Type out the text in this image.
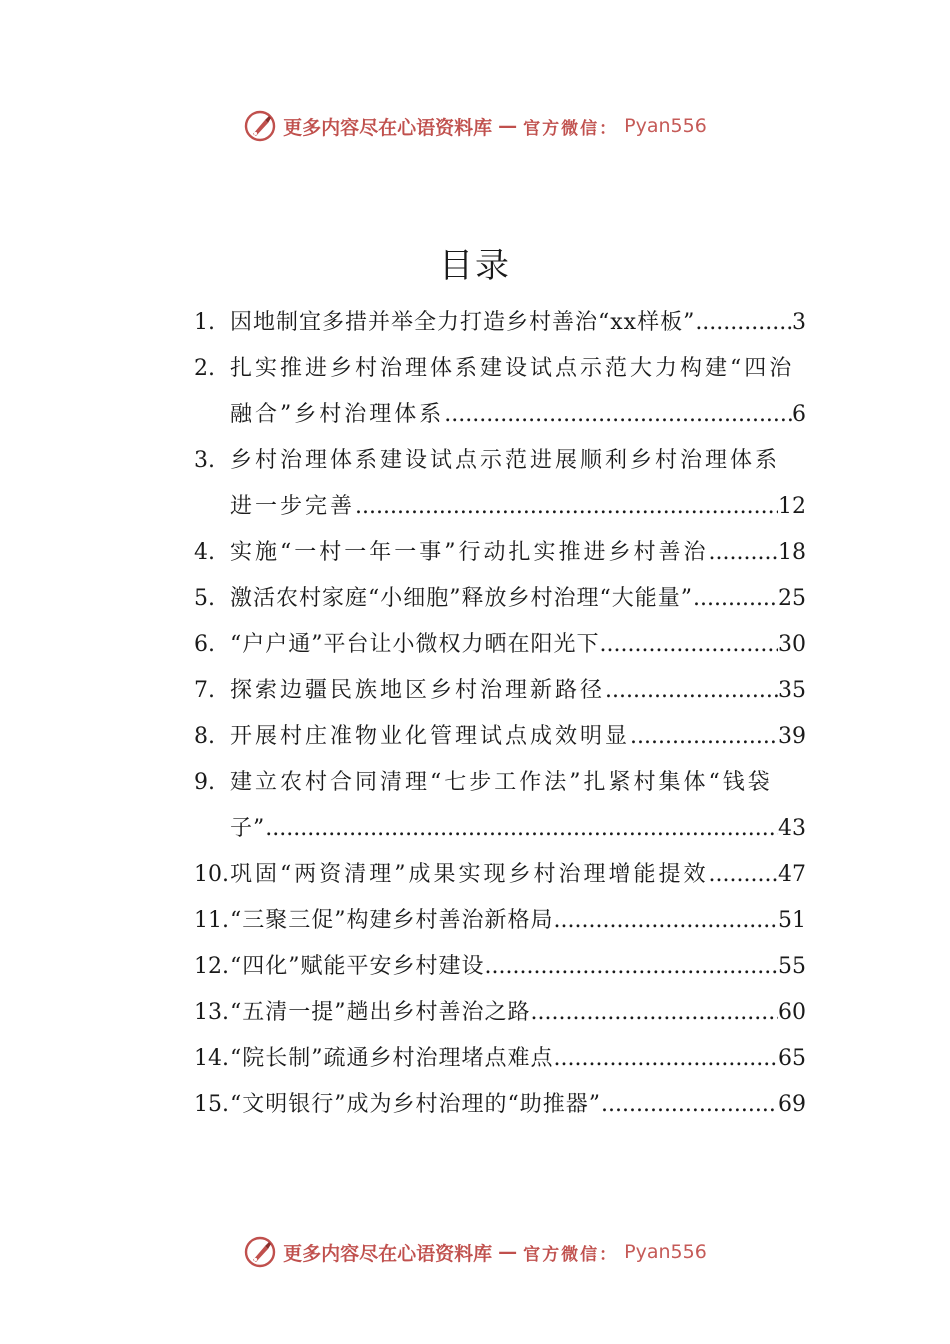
更多内容尽在心语资料库 — 官方微信： Pyan556
目录
1. 因地制宜多措并举全力打造乡村善治“xx样板” .....	3
2. 扎实推进乡村治理体系建设试点示范大力构建“四治
融合”乡村治理体系 .....	6
3. 乡村治理体系建设试点示范进展顺利乡村治理体系
进一步完善 .....	12
4. 实施“一村一年一事”行动扎实推进乡村善治 .....	18
5. 激活农村家庭“小细胞”释放乡村治理“大能量” .....	25
6. “户户通”平台让小微权力晒在阳光下 .....	30
7. 探索边疆民族地区乡村治理新路径 .....	35
8. 开展村庄准物业化管理试点成效明显 .....	39
9. 建立农村合同清理“七步工作法”扎紧村集体“钱袋
子” .....	43
10. 巩固“两资清理”成果实现乡村治理增能提效 .....	47
11. “三聚三促”构建乡村善治新格局 .....	51
12. “四化”赋能平安乡村建设 .....	55
13. “五清一提”趟出乡村善治之路 .....	60
14. “院长制”疏通乡村治理堵点难点 .....	65
15. “文明银行”成为乡村治理的“助推器” .....	69
更多内容尽在心语资料库 — 官方微信： Pyan556
